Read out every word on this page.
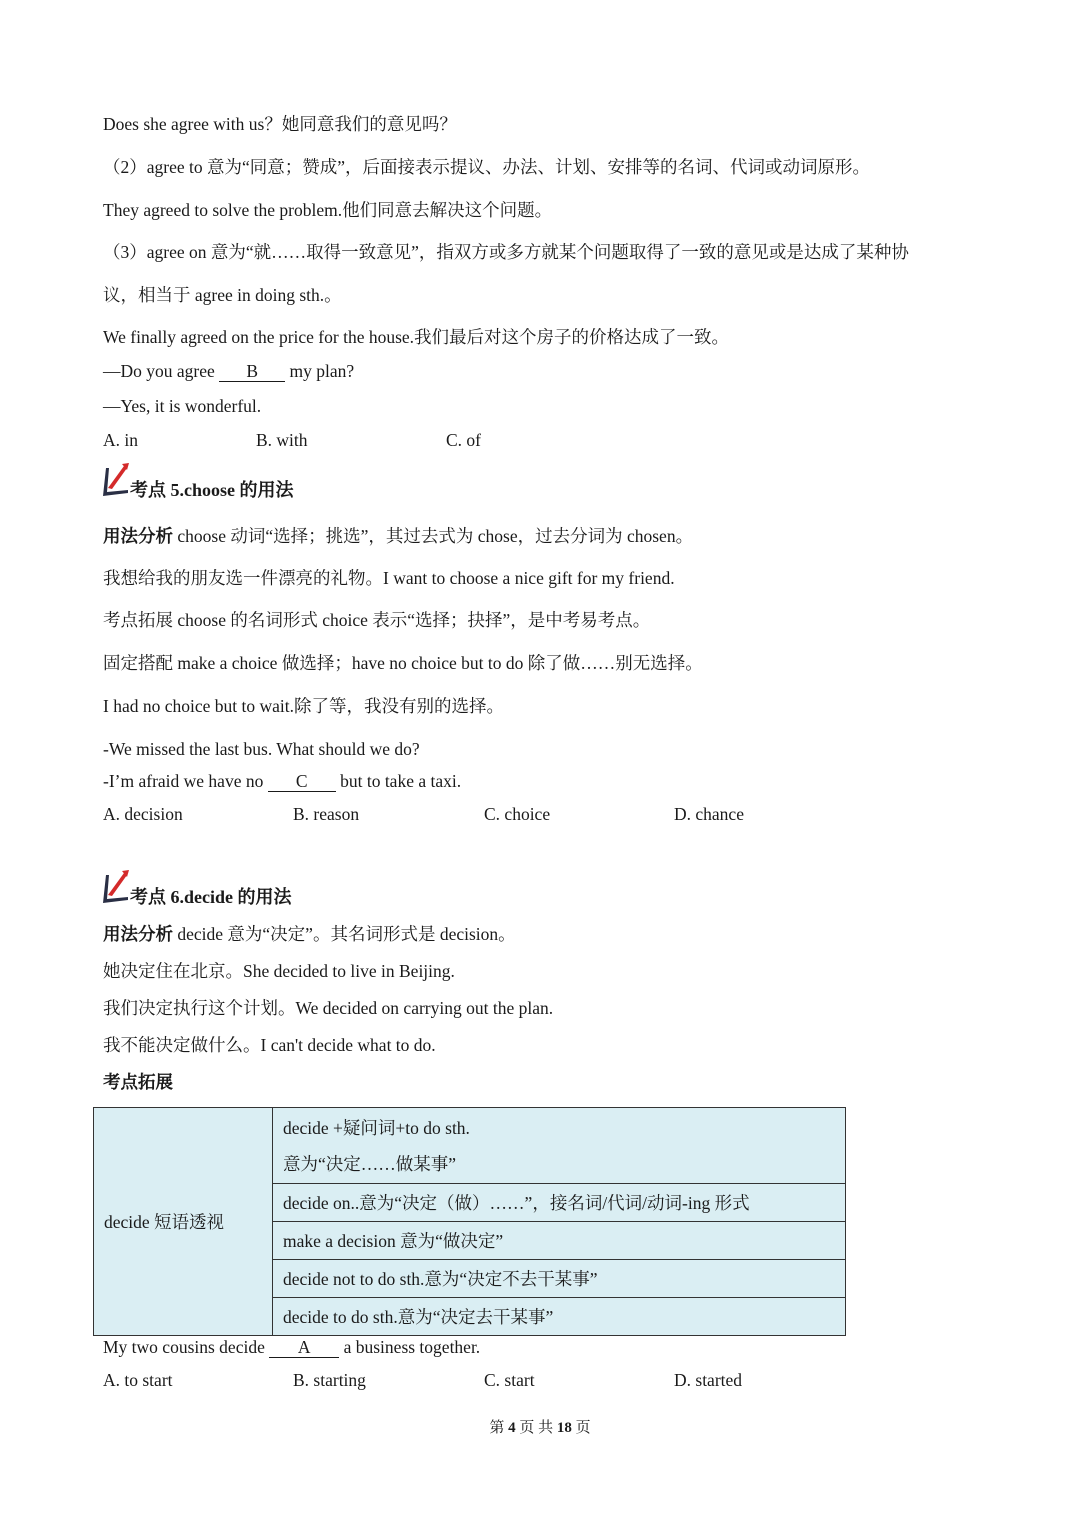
Does she agree with us？她同意我们的意见吗？
（2）agree to 意为“同意；赞成”，后面接表示提议、办法、计划、安排等的名词、代词或动词原形。
They agreed to solve the problem.他们同意去解决这个问题。
（3）agree on 意为“就……取得一致意见”，指双方或多方就某个问题取得了一致的意见或是达成了某种协
议，相当于 agree in doing sth.。
We finally agreed on the price for the house.我们最后对这个房子的价格达成了一致。
—Do you agree B my plan?
—Yes, it is wonderful.
A. in	B. with	C. of
考点 5.choose 的用法
用法分析 choose 动词“选择；挑选”，其过去式为 chose，过去分词为 chosen。
我想给我的朋友选一件漂亮的礼物。I want to choose a nice gift for my friend.
考点拓展 choose 的名词形式 choice 表示“选择；抉择”，是中考易考点。
固定搭配 make a choice 做选择；have no choice but to do 除了做……别无选择。
I had no choice but to wait.除了等，我没有别的选择。
-We missed the last bus. What should we do?
-I’m afraid we have no C but to take a taxi.
A. decision	B. reason	C. choice	D. chance
考点 6.decide 的用法
用法分析 decide 意为“决定”。其名词形式是 decision。
她决定住在北京。She decided to live in Beijing.
我们决定执行这个计划。We decided on carrying out the plan.
我不能决定做什么。I can't decide what to do.
考点拓展
decide 短语透视	
decide +疑问词+to do sth.
意为“决定……做某事”

decide on..意为“决定（做）……”，接名词/代词/动词-ing 形式
make a decision 意为“做决定”
decide not to do sth.意为“决定不去干某事”
decide to do sth.意为“决定去干某事”
My two cousins decide A a business together.
A. to start	B. starting	C. start	D. started
第 4 页 共 18 页
